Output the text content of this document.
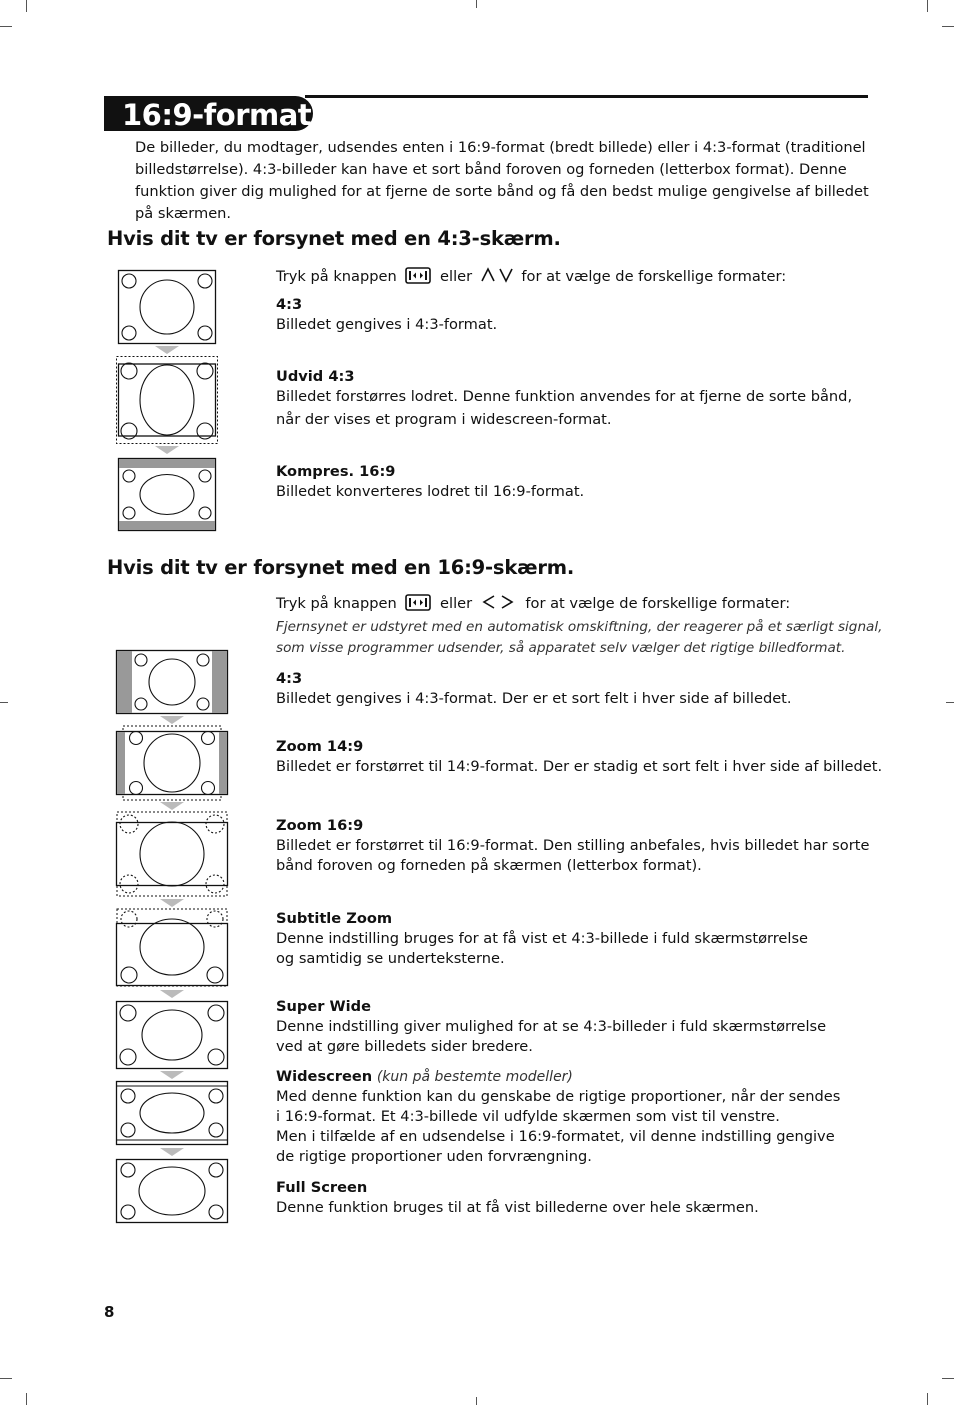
16:9-format
De billeder, du modtager, udsendes enten i 16:9-format (bredt billede) eller i 4:3-format (traditionel billedstørrelse). 4:3-billeder kan have et sort bånd foroven og forneden (letterbox format). Denne funktion giver dig mulighed for at fjerne de sorte bånd og få den bedst mulige gengivelse af billedet på skærmen.
Hvis dit tv er forsynet med en 4:3-skærm.
Tryk på knappen	eller	for at vælge de forskellige formater:
4:3
Billedet gengives i 4:3-format.
Udvid 4:3
Billedet forstørres lodret. Denne funktion anvendes for at fjerne de sorte bånd,
når der vises et program i widescreen-format.
Kompres. 16:9
Billedet konverteres lodret til 16:9-format.
Hvis dit tv er forsynet med en 16:9-skærm.
Tryk på knappen	eller	for at vælge de forskellige formater:
Fjernsynet er udstyret med en automatisk omskiftning, der reagerer på et særligt signal,
som visse programmer udsender, så apparatet selv vælger det rigtige billedformat.
4:3
Billedet gengives i 4:3-format. Der er et sort felt i hver side af billedet.
Zoom 14:9
Billedet er forstørret til 14:9-format. Der er stadig et sort felt i hver side af billedet.
Zoom 16:9
Billedet er forstørret til 16:9-format. Den stilling anbefales, hvis billedet har sorte
bånd foroven og forneden på skærmen (letterbox format).
Subtitle Zoom
Denne indstilling bruges for at få vist et 4:3-billede i fuld skærmstørrelse
og samtidig se underteksterne.
Super Wide
Denne indstilling giver mulighed for at se 4:3-billeder i fuld skærmstørrelse
ved at gøre billedets sider bredere.
Widescreen (kun på bestemte modeller)
Med denne funktion kan du genskabe de rigtige proportioner, når der sendes
i 16:9-format. Et 4:3-billede vil udfylde skærmen som vist til venstre.
Men i tilfælde af en udsendelse i 16:9-formatet, vil denne indstilling gengive
de rigtige proportioner uden forvrængning.
Full Screen
Denne funktion bruges til at få vist billederne over hele skærmen.
8
